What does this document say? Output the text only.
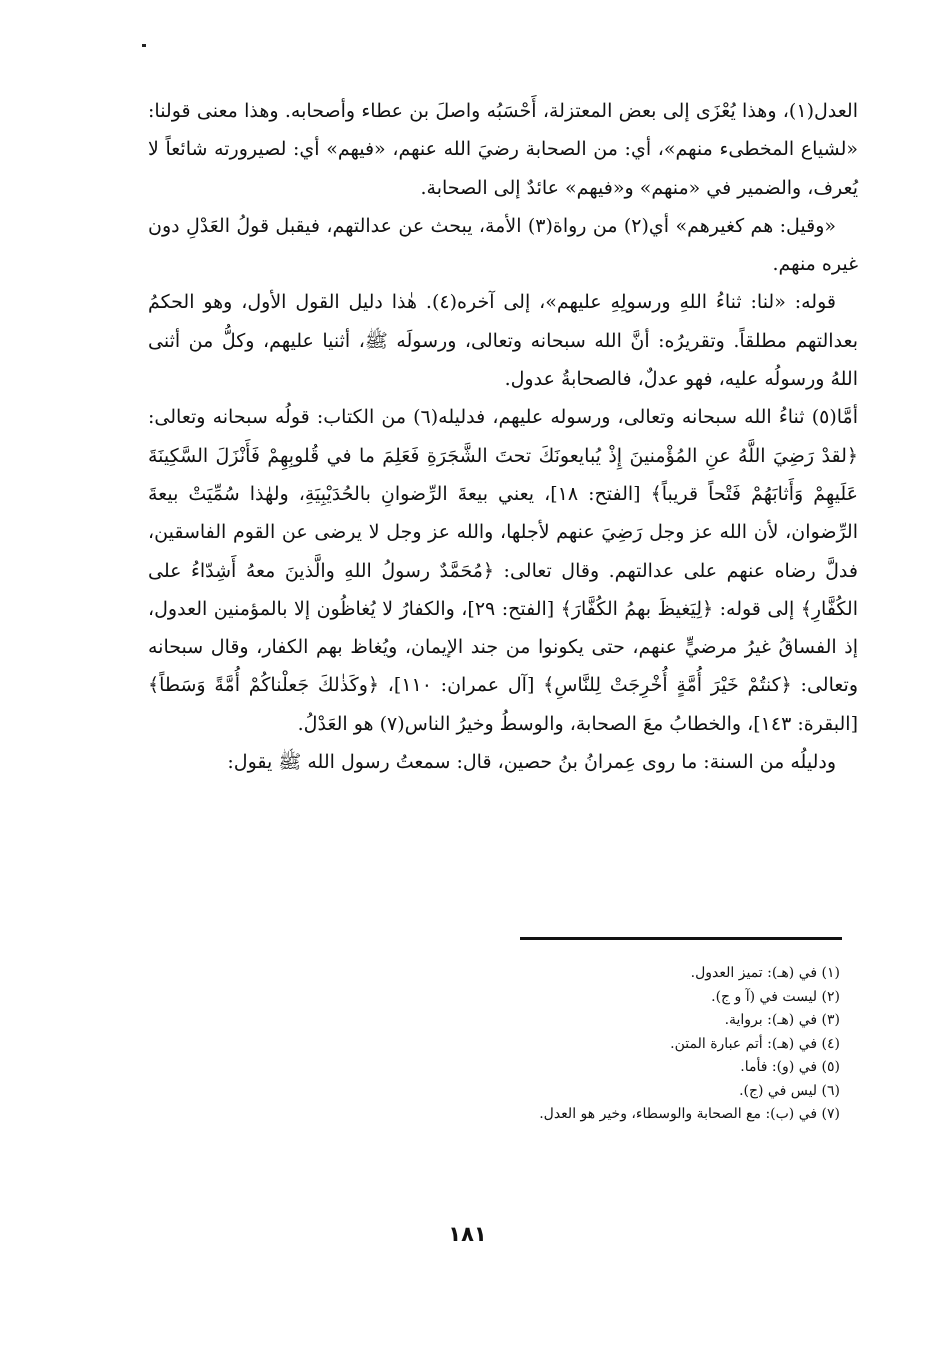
العدل(١)، وهذا يُعْزَى إلى بعض المعتزلة، أَحْسَبُه واصلَ بن عطاء وأصحابه. وهذا معنى قولنا: «لشياع المخطىء منهم»، أي: من الصحابة رضيَ الله عنهم، «فيهم» أي: لصيرورته شائعاً لا يُعرف، والضمير في «منهم» و«فيهم» عائدٌ إلى الصحابة.

«وقيل: هم كغيرهم» أي(٢) من رواة(٣) الأمة، يبحث عن عدالتهم، فيقبل قولُ العَدْلِ دون غيره منهم.

قوله: «لنا: ثناءُ اللهِ ورسولِهِ عليهم»، إلى آخره(٤). هٰذا دليل القول الأول، وهو الحكمُ بعدالتهم مطلقاً. وتقريرُه: أنَّ الله سبحانه وتعالى، ورسولَه ﷺ، أثنيا عليهم، وكلُّ من أثنى اللهُ ورسولُه عليه، فهو عدلٌ، فالصحابةُ عدول.

أمَّا(٥) ثناءُ الله سبحانه وتعالى، ورسوله عليهم، فدليله(٦) من الكتاب: قولُه سبحانه وتعالى: ﴿لقدْ رَضِيَ اللَّهُ عنِ المُؤْمنينَ إِذْ يُبايعونَكَ تحتَ الشَّجَرَةِ فَعَلِمَ ما في قُلوبِهِمْ فَأَنْزَلَ السَّكِينَةَ عَلَيهِمْ وَأَثابَهُمْ فَتْحاً قريباً﴾ [الفتح: ١٨]، يعني بيعةَ الرِّضوانِ بالحُدَيْبِيَةِ، ولهٰذا سُمِّيَتْ بيعةَ الرِّضوان، لأن الله عز وجل رَضِيَ عنهم لأجلها، والله عز وجل لا يرضى عن القوم الفاسقين، فدلَّ رضاه عنهم على عدالتهم. وقال تعالى: ﴿مُحَمَّدٌ رسولُ اللهِ والَّذينَ معهُ أَشِدّاءُ على الكُفَّارِ﴾ إلى قوله: ﴿لِيَغيظَ بهمُ الكُفَّارَ﴾ [الفتح: ٢٩]، والكفارُ لا يُغاظُون إلا بالمؤمنين العدول، إذ الفساقُ غيرُ مرضيٍّ عنهم، حتى يكونوا من جند الإيمان، ويُغاظ بهم الكفار، وقال سبحانه وتعالى: ﴿كنتُمْ خَيْرَ أُمَّةٍ أُخْرِجَتْ لِلنَّاسِ﴾ [آل عمران: ١١٠]، ﴿وكَذٰلكَ جَعلْناكُمْ أُمَّةً وَسَطاً﴾ [البقرة: ١٤٣]، والخطابُ معَ الصحابة، والوسطُ وخيرُ الناس(٧) هو العَدْلُ.

ودليلُه من السنة: ما روى عِمرانُ بنُ حصين، قال: سمعتُ رسول الله ﷺ يقول:

(١) في (هـ): تميز العدول.
(٢) ليست في (آ و ج).
(٣) في (هـ): برواية.
(٤) في (هـ): أتم عبارة المتن.
(٥) في (و): فأما.
(٦) ليس في (ج).
(٧) في (ب): مع الصحابة والوسطاء، وخير هو العدل.
١٨١
